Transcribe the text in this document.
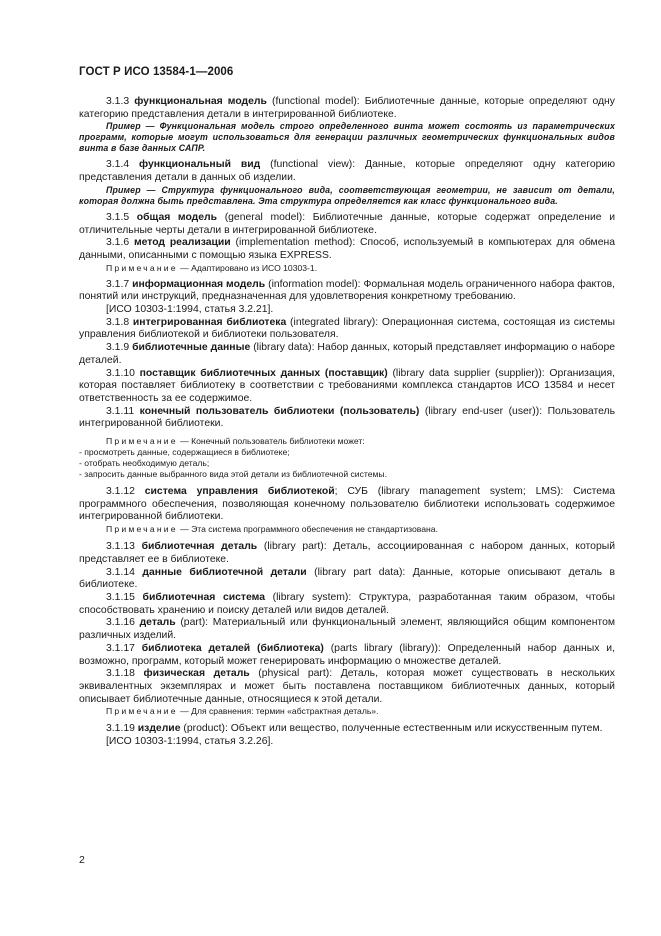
ГОСТ Р ИСО 13584-1—2006

3.1.3 функциональная модель (functional model): Библиотечные данные, которые определяют одну категорию представления детали в интегрированной библиотеке.

Пример — Функциональная модель строго определенного винта может состоять из параметрических программ, которые могут использоваться для генерации различных геометрических функциональных видов винта в базе данных САПР.

3.1.4 функциональный вид (functional view): Данные, которые определяют одну категорию представления детали в данных об изделии.

Пример — Структура функционального вида, соответствующая геометрии, не зависит от детали, которая должна быть представлена. Эта структура определяется как класс функционального вида.

3.1.5 общая модель (general model): Библиотечные данные, которые содержат определение и отличительные черты детали в интегрированной библиотеке.

3.1.6 метод реализации (implementation method): Способ, используемый в компьютерах для обмена данными, описанными с помощью языка EXPRESS.

Примечание — Адаптировано из ИСО 10303-1.

3.1.7 информационная модель (information model): Формальная модель ограниченного набора фактов, понятий или инструкций, предназначенная для удовлетворения конкретному требованию.

[ИСО 10303-1:1994, статья 3.2.21].

3.1.8 интегрированная библиотека (integrated library): Операционная система, состоящая из системы управления библиотекой и библиотеки пользователя.

3.1.9 библиотечные данные (library data): Набор данных, который представляет информацию о наборе деталей.

3.1.10 поставщик библиотечных данных (поставщик) (library data supplier (supplier)): Организация, которая поставляет библиотеку в соответствии с требованиями комплекса стандартов ИСО 13584 и несет ответственность за ее содержимое.

3.1.11 конечный пользователь библиотеки (пользователь) (library end-user (user)): Пользователь интегрированной библиотеки.

Примечание — Конечный пользователь библиотеки может:

- просмотреть данные, содержащиеся в библиотеке;

- отобрать необходимую деталь;

- запросить данные выбранного вида этой детали из библиотечной системы.

3.1.12 система управления библиотекой; СУБ (library management system; LMS): Система программного обеспечения, позволяющая конечному пользователю библиотеки использовать содержимое интегрированной библиотеки.

Примечание — Эта система программного обеспечения не стандартизована.

3.1.13 библиотечная деталь (library part): Деталь, ассоциированная с набором данных, который представляет ее в библиотеке.

3.1.14 данные библиотечной детали (library part data): Данные, которые описывают деталь в библиотеке.

3.1.15 библиотечная система (library system): Структура, разработанная таким образом, чтобы способствовать хранению и поиску деталей или видов деталей.

3.1.16 деталь (part): Материальный или функциональный элемент, являющийся общим компонентом различных изделий.

3.1.17 библиотека деталей (библиотека) (parts library (library)): Определенный набор данных и, возможно, программ, который может генерировать информацию о множестве деталей.

3.1.18 физическая деталь (physical part): Деталь, которая может существовать в нескольких эквивалентных экземплярах и может быть поставлена поставщиком библиотечных данных, который описывает библиотечные данные, относящиеся к этой детали.

Примечание — Для сравнения: термин «абстрактная деталь».

3.1.19 изделие (product): Объект или вещество, полученные естественным или искусственным путем.

[ИСО 10303-1:1994, статья 3.2.26].

2
